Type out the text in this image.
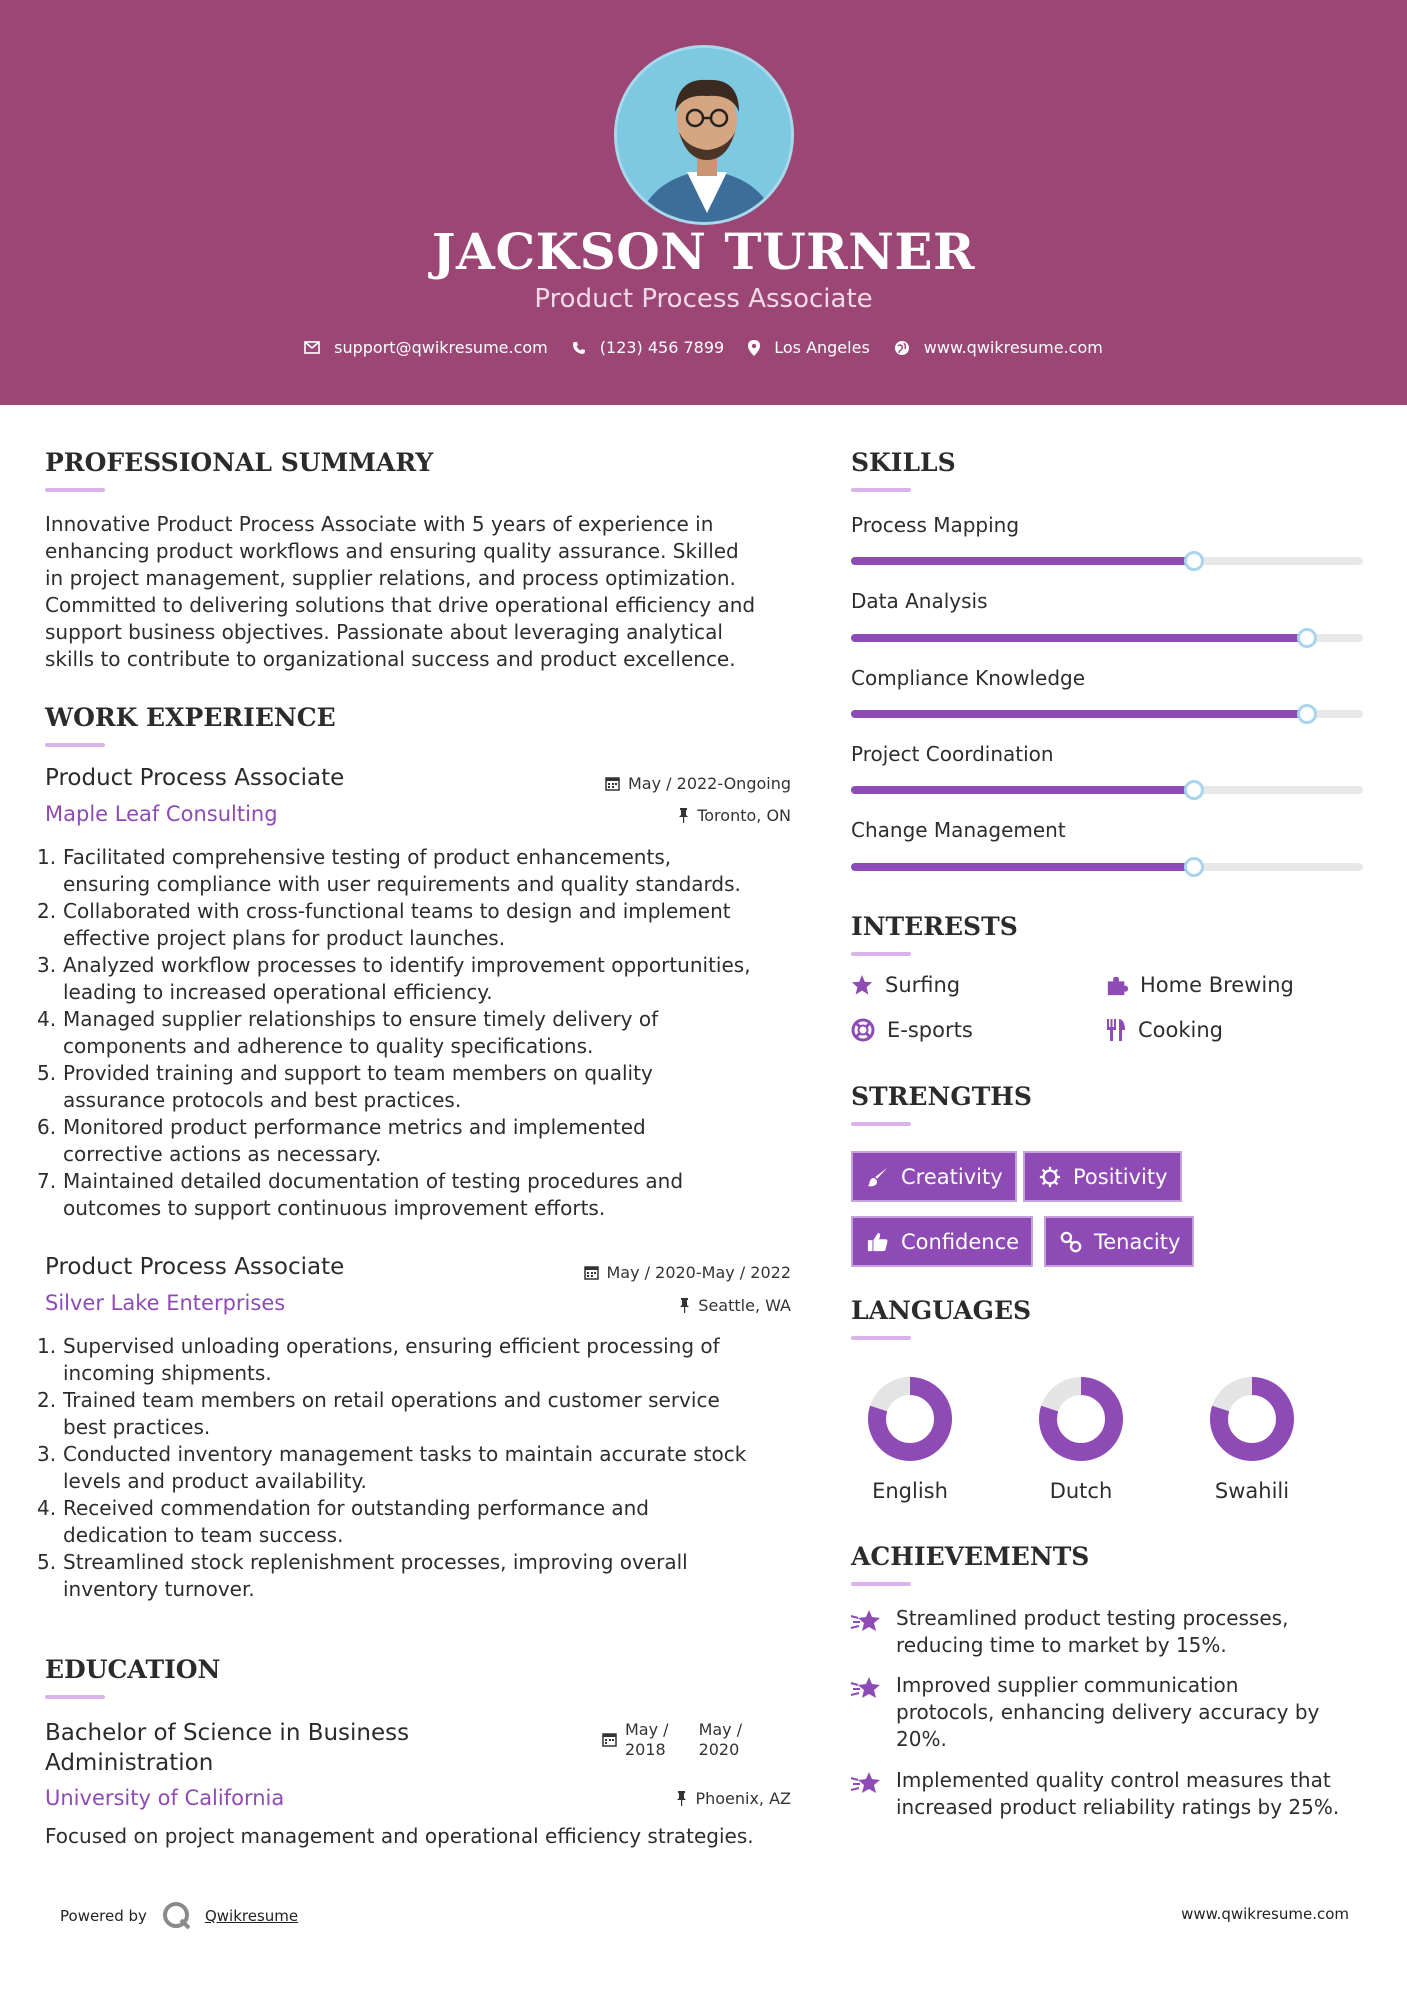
JACKSON TURNER
Product Process Associate
support@qwikresume.com	(123) 456 7899	Los Angeles	www.qwikresume.com
PROFESSIONAL SUMMARY
Innovative Product Process Associate with 5 years of experience in
enhancing product workflows and ensuring quality assurance. Skilled
in project management, supplier relations, and process optimization.
Committed to delivering solutions that drive operational efficiency and
support business objectives. Passionate about leveraging analytical
skills to contribute to organizational success and product excellence.
WORK EXPERIENCE
Product Process Associate	May / 2022-Ongoing
Maple Leaf Consulting	Toronto, ON
1. Facilitated comprehensive testing of product enhancements,
ensuring compliance with user requirements and quality standards.
2. Collaborated with cross-functional teams to design and implement
effective project plans for product launches.
3. Analyzed workflow processes to identify improvement opportunities,
leading to increased operational efficiency.
4. Managed supplier relationships to ensure timely delivery of
components and adherence to quality specifications.
5. Provided training and support to team members on quality
assurance protocols and best practices.
6. Monitored product performance metrics and implemented
corrective actions as necessary.
7. Maintained detailed documentation of testing procedures and
outcomes to support continuous improvement efforts.
Product Process Associate	May / 2020-May / 2022
Silver Lake Enterprises	Seattle, WA
1. Supervised unloading operations, ensuring efficient processing of
incoming shipments.
2. Trained team members on retail operations and customer service
best practices.
3. Conducted inventory management tasks to maintain accurate stock
levels and product availability.
4. Received commendation for outstanding performance and
dedication to team success.
5. Streamlined stock replenishment processes, improving overall
inventory turnover.
EDUCATION
Bachelor of Science in Business
Administration
May /
2018
May /
2020
University of California	Phoenix, AZ
Focused on project management and operational efficiency strategies.
SKILLS
Process Mapping
Data Analysis
Compliance Knowledge
Project Coordination
Change Management
INTERESTS
Surfing	Home Brewing
E-sports	Cooking
STRENGTHS
Creativity	Positivity
Confidence	Tenacity
LANGUAGES
English	Dutch	Swahili
ACHIEVEMENTS
Streamlined product testing processes,
reducing time to market by 15%.
Improved supplier communication
protocols, enhancing delivery accuracy by
20%.
Implemented quality control measures that
increased product reliability ratings by 25%.
Powered by	Qwikresume	www.qwikresume.com
